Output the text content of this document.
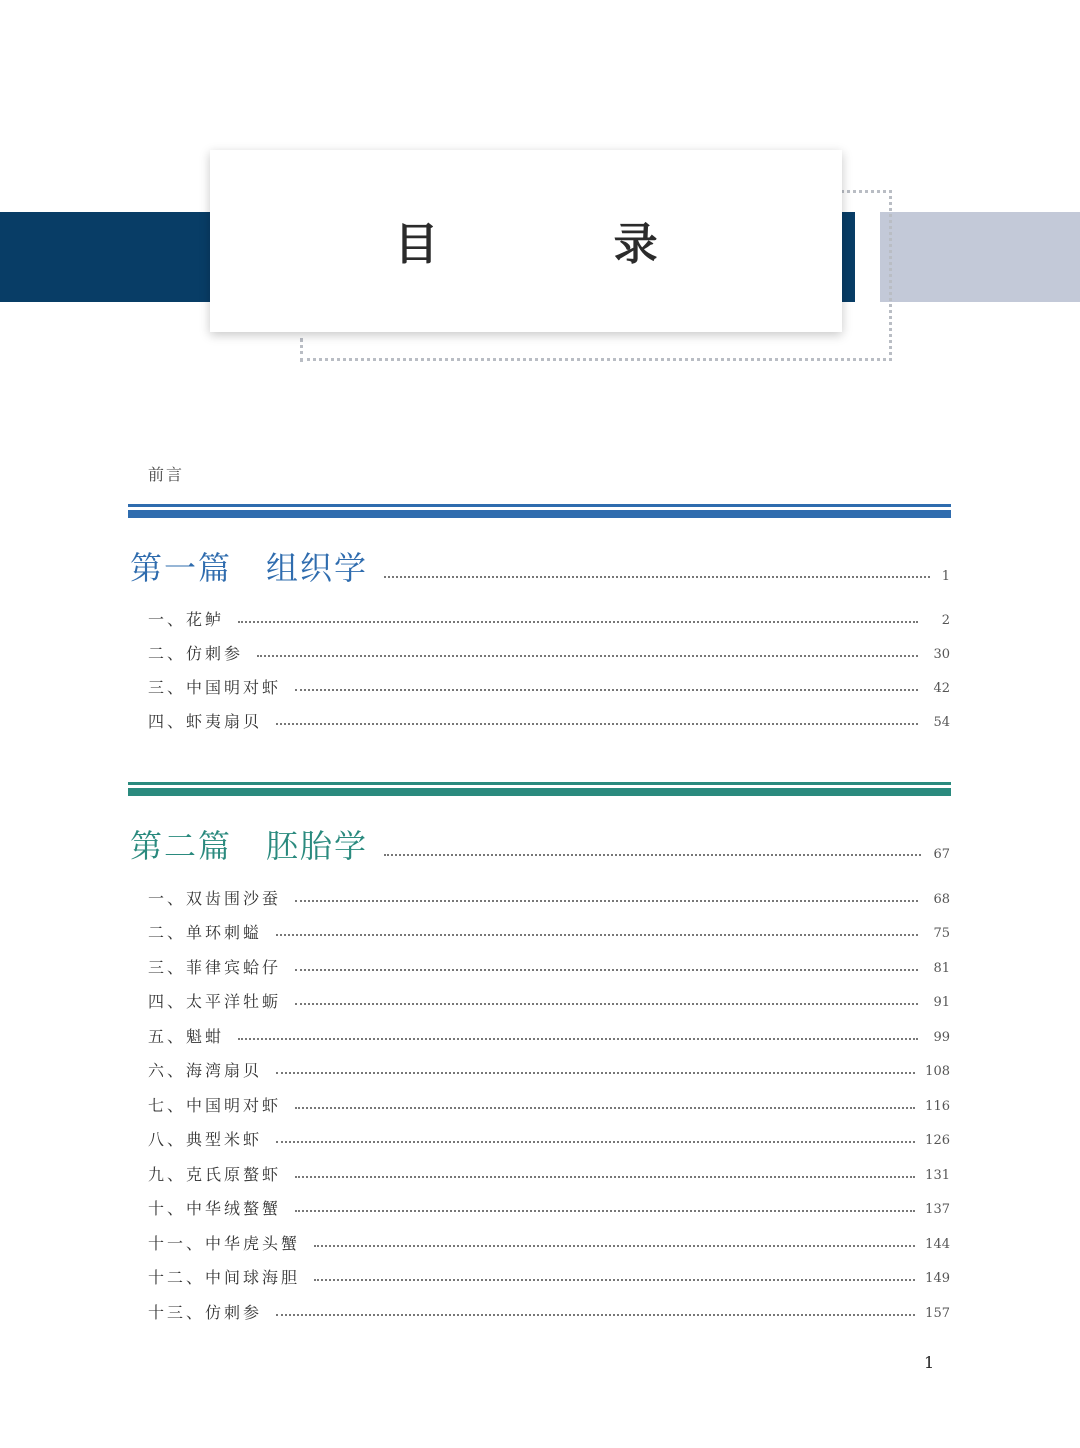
目 录
前言
第一篇　组织学	1
一、花鲈	2
二、仿刺参	30
三、中国明对虾	42
四、虾夷扇贝	54
第二篇　胚胎学	67
一、双齿围沙蚕	68
二、单环刺螠	75
三、菲律宾蛤仔	81
四、太平洋牡蛎	91
五、魁蚶	99
六、海湾扇贝	108
七、中国明对虾	116
八、典型米虾	126
九、克氏原螯虾	131
十、中华绒螯蟹	137
十一、中华虎头蟹	144
十二、中间球海胆	149
十三、仿刺参	157
1
